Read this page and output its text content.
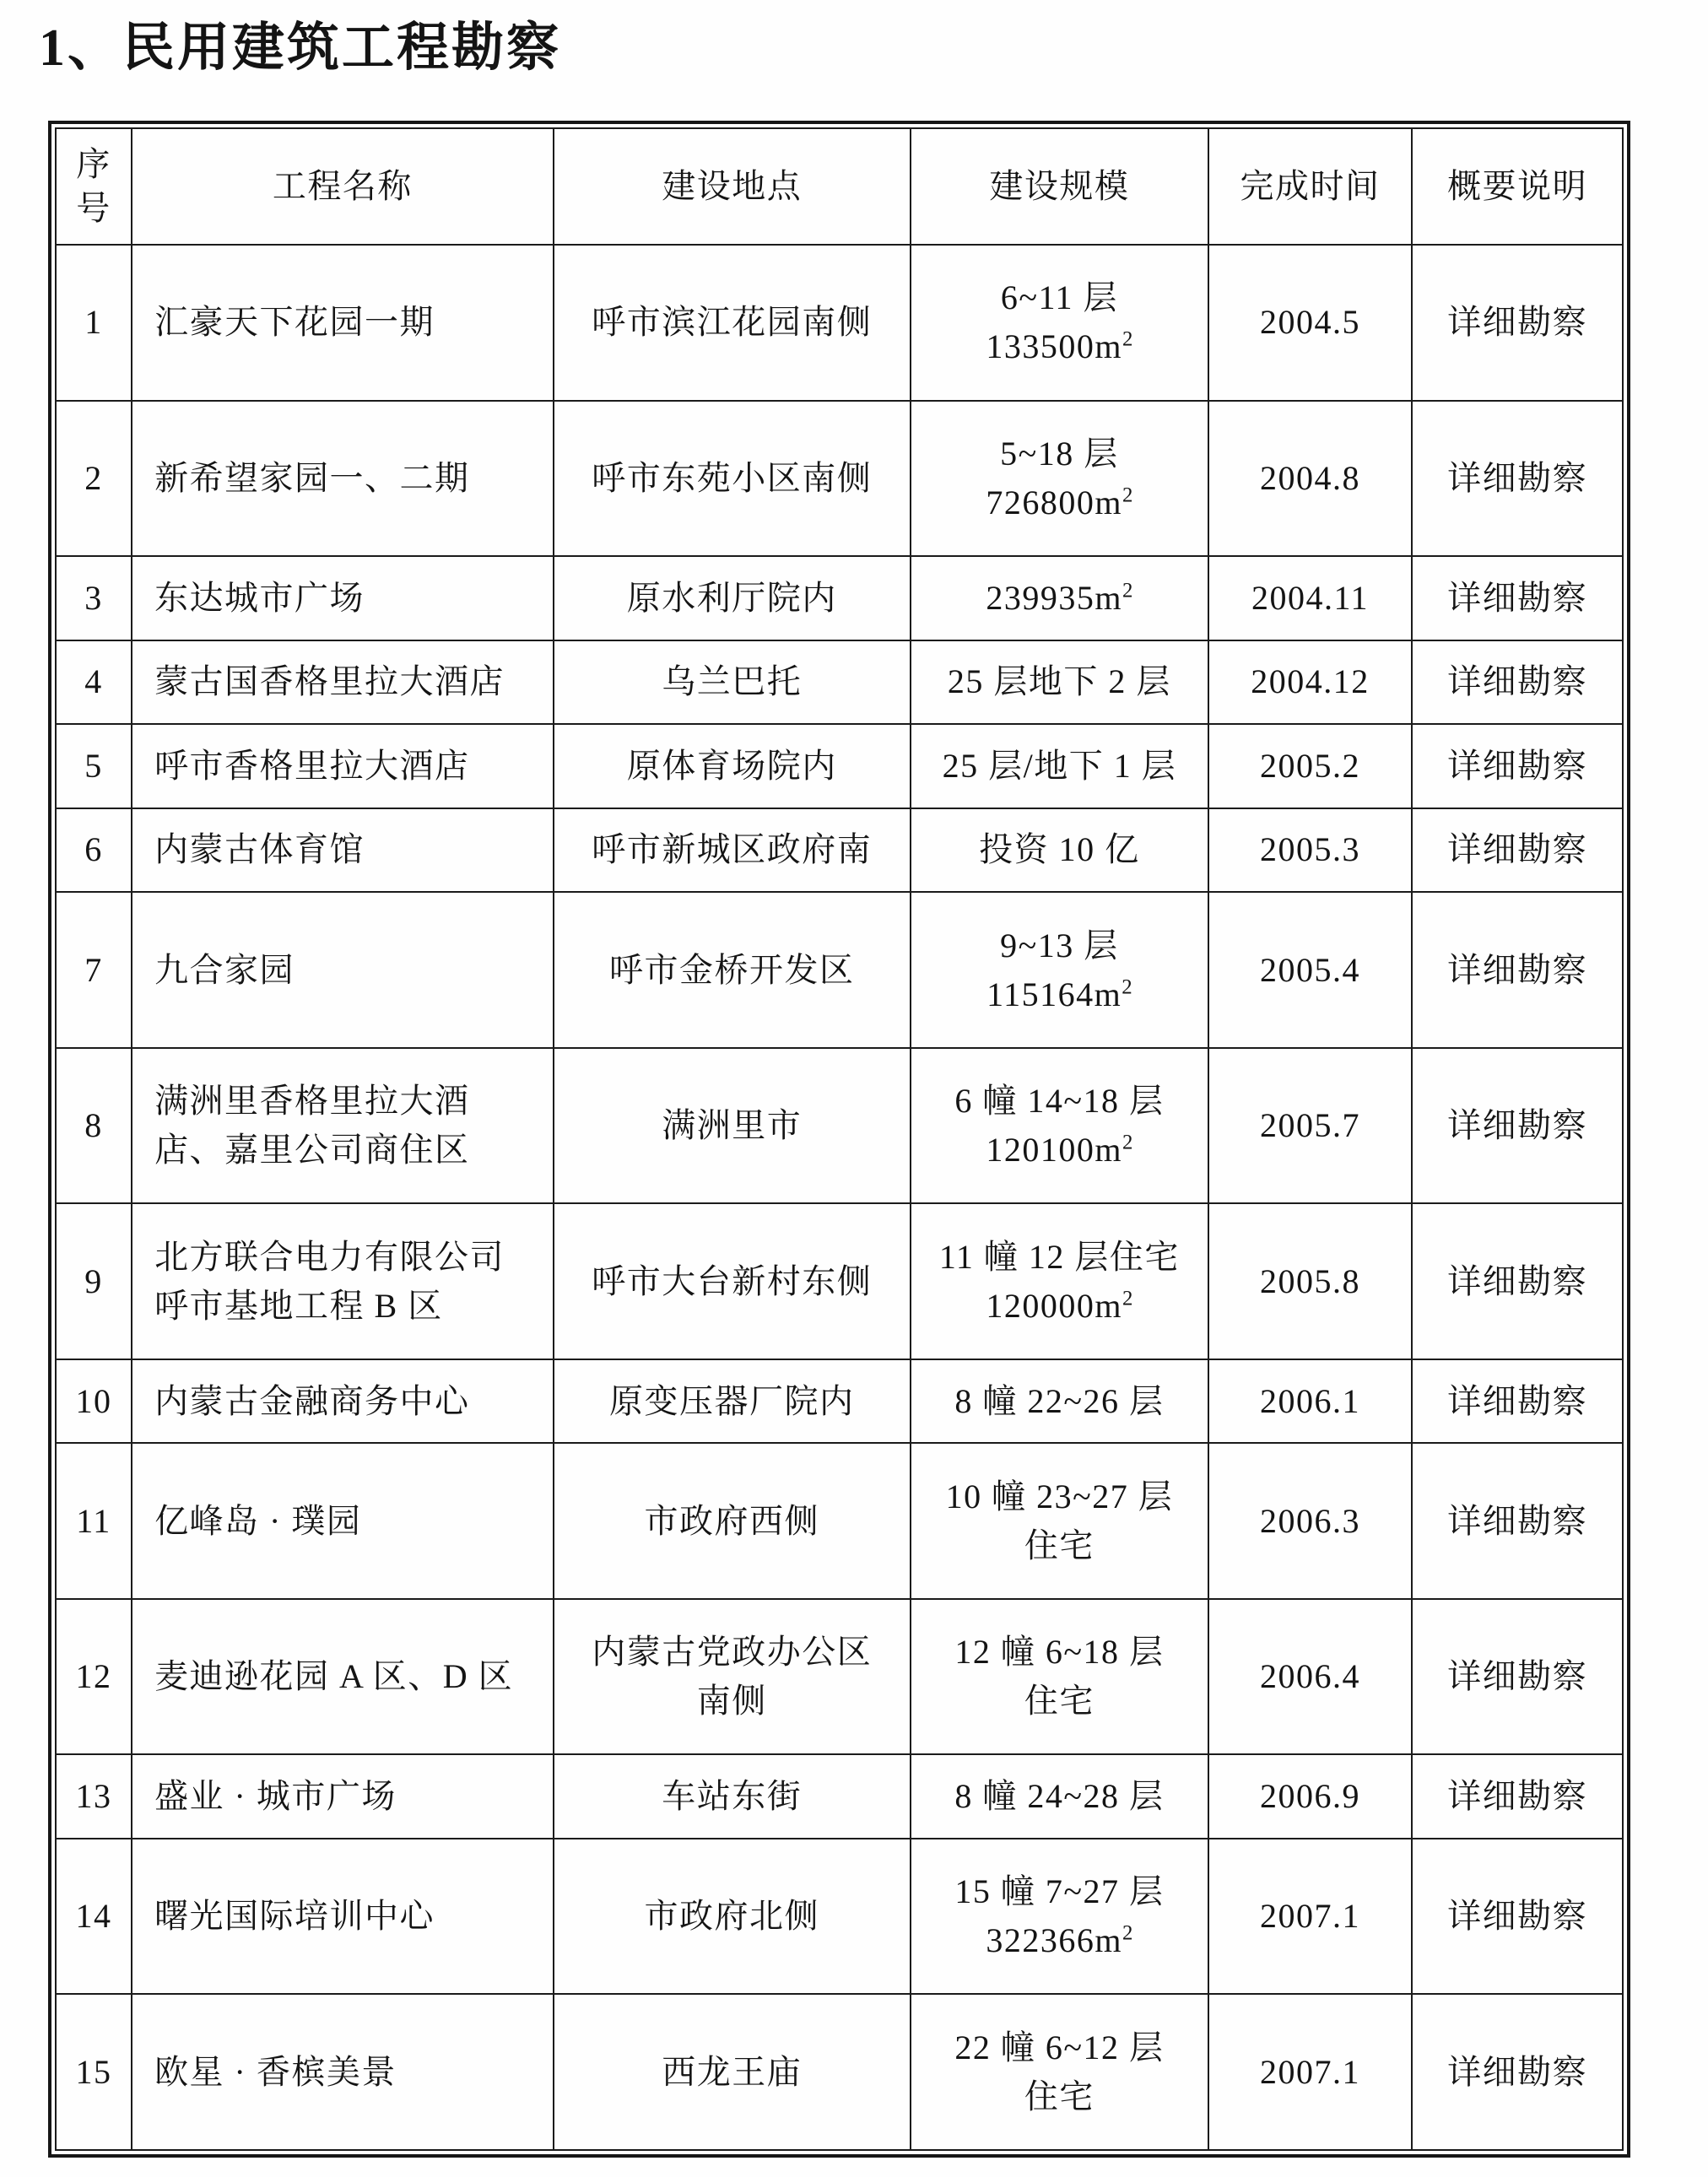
1、民用建筑工程勘察
序
号	工程名称	建设地点	建设规模	完成时间	概要说明
1	汇豪天下花园一期	呼市滨江花园南侧	6~11 层
$133500m^2$	2004.5	详细勘察
2	新希望家园一、二期	呼市东苑小区南侧	5~18 层
$726800m^2$	2004.8	详细勘察
3	东达城市广场	原水利厅院内	$239935m^2$	2004.11	详细勘察
4	蒙古国香格里拉大酒店	乌兰巴托	25 层地下 2 层	2004.12	详细勘察
5	呼市香格里拉大酒店	原体育场院内	25 层/地下 1 层	2005.2	详细勘察
6	内蒙古体育馆	呼市新城区政府南	投资 10 亿	2005.3	详细勘察
7	九合家园	呼市金桥开发区	9~13 层
$115164m^2$	2005.4	详细勘察
8	满洲里香格里拉大酒
店、嘉里公司商住区	满洲里市	6 幢 14~18 层
$120100m^2$	2005.7	详细勘察
9	北方联合电力有限公司
呼市基地工程 B 区	呼市大台新村东侧	11 幢 12 层住宅
$120000m^2$	2005.8	详细勘察
10	内蒙古金融商务中心	原变压器厂院内	8 幢 22~26 层	2006.1	详细勘察
11	亿峰岛 · 璞园	市政府西侧	10 幢 23~27 层
住宅	2006.3	详细勘察
12	麦迪逊花园 A 区、D 区	内蒙古党政办公区
南侧	12 幢 6~18 层
住宅	2006.4	详细勘察
13	盛业 · 城市广场	车站东街	8 幢 24~28 层	2006.9	详细勘察
14	曙光国际培训中心	市政府北侧	15 幢 7~27 层
$322366m^2$	2007.1	详细勘察
15	欧星 · 香槟美景	西龙王庙	22 幢 6~12 层
住宅	2007.1	详细勘察
